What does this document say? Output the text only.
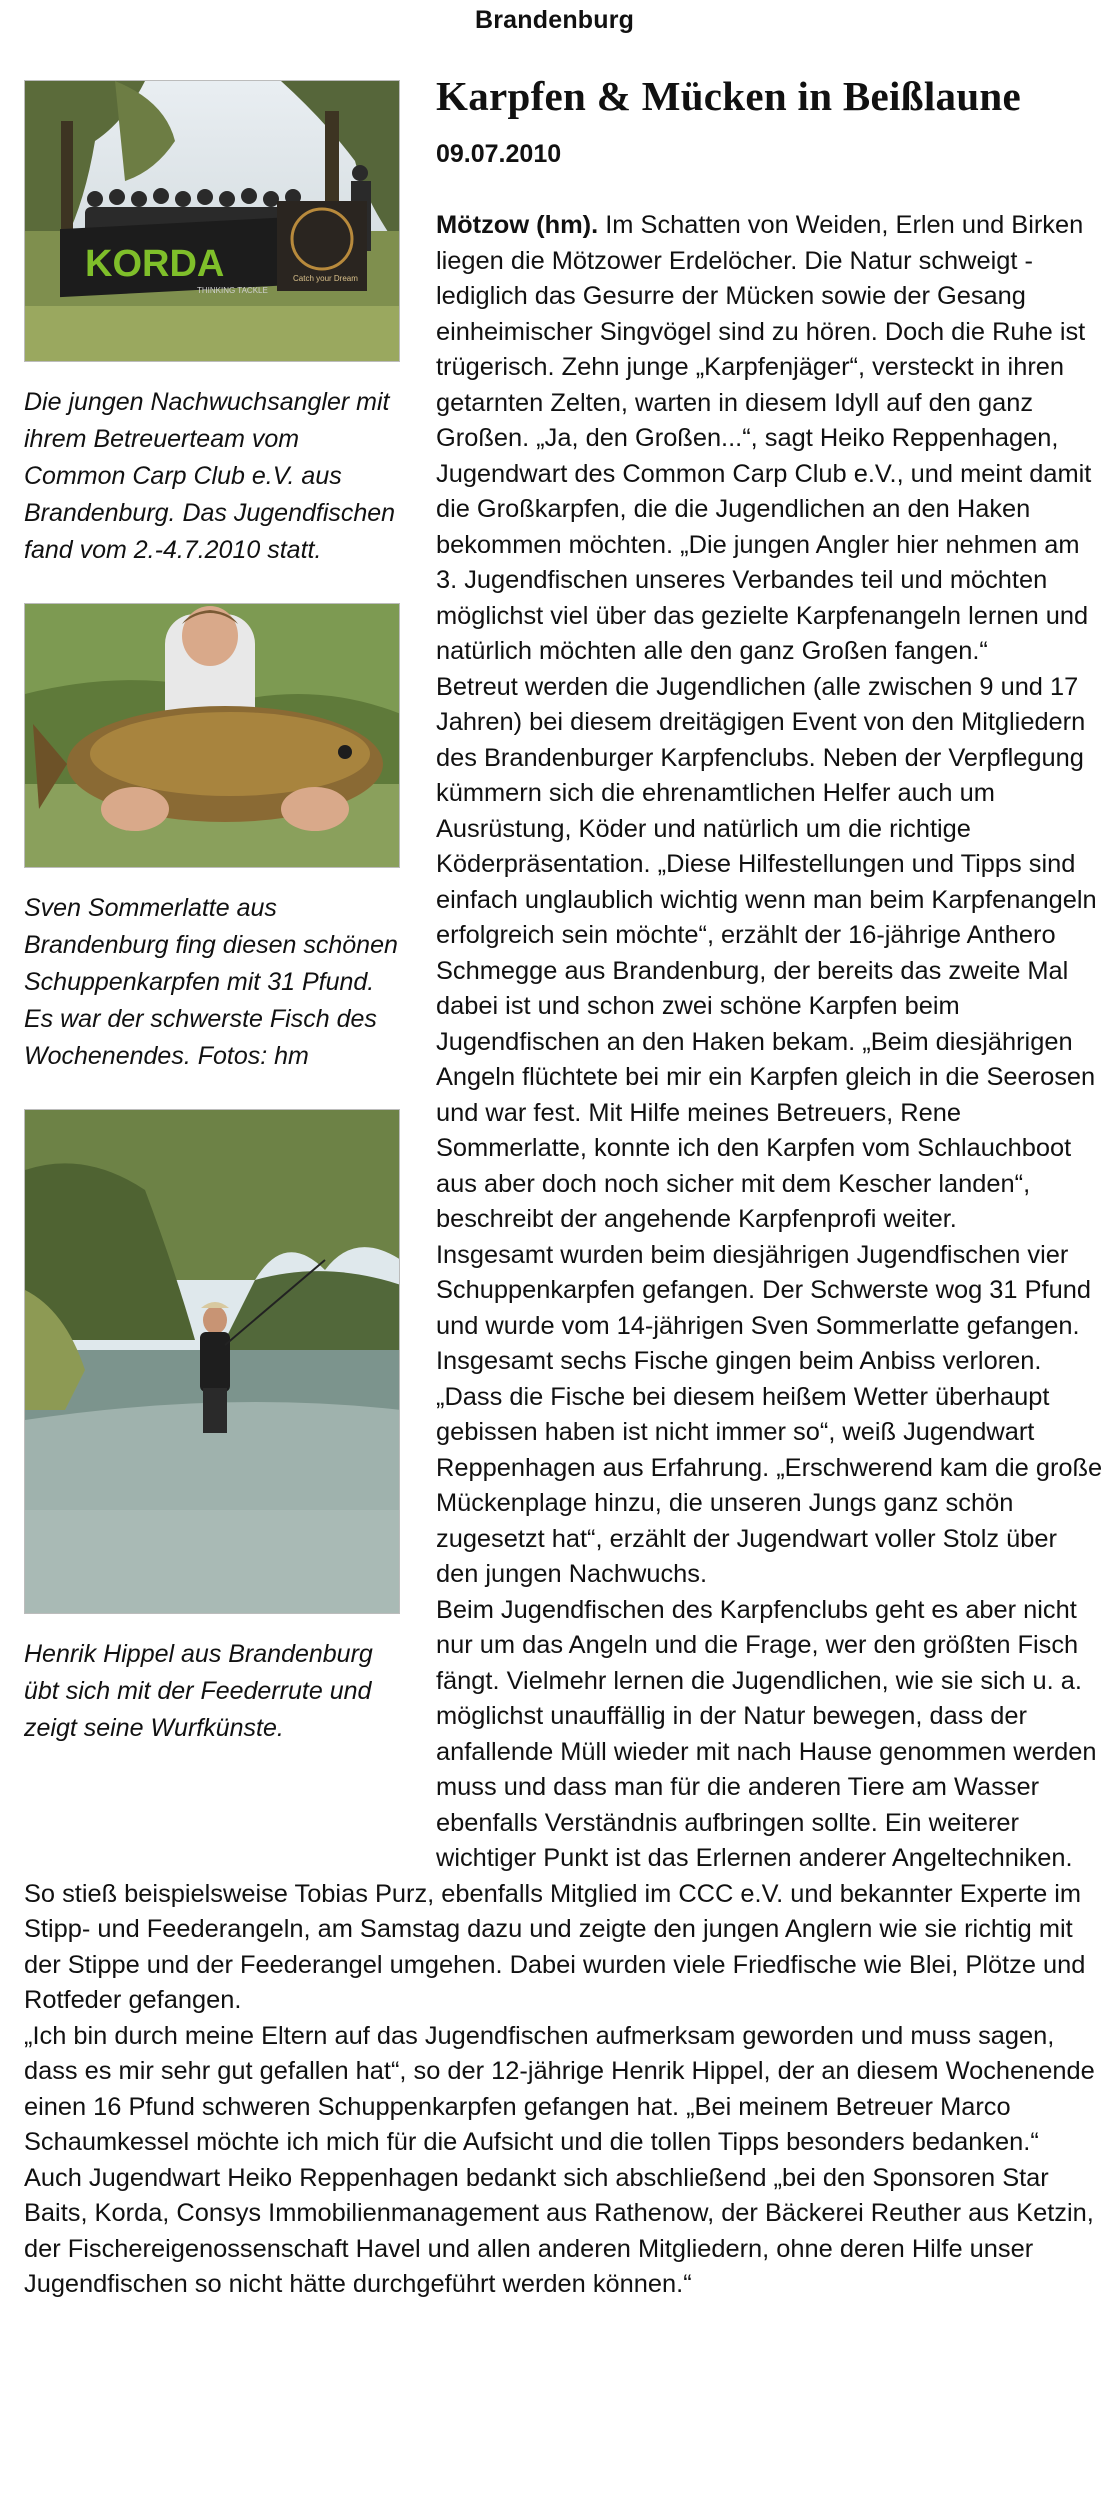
Brandenburg
Karpfen & Mücken in Beißlaune
09.07.2010
KORDA
THINKING TACKLE
Catch your Dream

Die jungen Nachwuchsangler mit ihrem Betreuerteam vom Common Carp Club e.V. aus Brandenburg. Das Jugendfischen fand vom 2.-4.7.2010 statt.

Sven Sommerlatte aus Brandenburg fing diesen schönen Schuppenkarpfen mit 31 Pfund. Es war der schwerste Fisch des Wochenendes. Fotos: hm

Henrik Hippel aus Brandenburg übt sich mit der Feederrute und zeigt seine Wurfkünste.

Mötzow (hm). Im Schatten von Weiden, Erlen und Birken liegen die Mötzower Erdelöcher. Die Natur schweigt - lediglich das Gesurre der Mücken sowie der Gesang einheimischer Singvögel sind zu hören. Doch die Ruhe ist trügerisch. Zehn junge „Karpfenjäger“, versteckt in ihren getarnten Zelten, warten in diesem Idyll auf den ganz Großen. „Ja, den Großen...“, sagt Heiko Reppenhagen, Jugendwart des Common Carp Club e.V., und meint damit die Großkarpfen, die die Jugendlichen an den Haken bekommen möchten. „Die jungen Angler hier nehmen am 3. Jugendfischen unseres Verbandes teil und möchten möglichst viel über das gezielte Karpfenangeln lernen und natürlich möchten alle den ganz Großen fangen.“

Betreut werden die Jugendlichen (alle zwischen 9 und 17 Jahren) bei diesem dreitägigen Event von den Mitgliedern des Brandenburger Karpfenclubs. Neben der Verpflegung kümmern sich die ehrenamtlichen Helfer auch um Ausrüstung, Köder und natürlich um die richtige Köderpräsentation. „Diese Hilfestellungen und Tipps sind einfach unglaublich wichtig wenn man beim Karpfenangeln erfolgreich sein möchte“, erzählt der 16-jährige Anthero Schmegge aus Brandenburg, der bereits das zweite Mal dabei ist und schon zwei schöne Karpfen beim Jugendfischen an den Haken bekam. „Beim diesjährigen Angeln flüchtete bei mir ein Karpfen gleich in die Seerosen und war fest. Mit Hilfe meines Betreuers, Rene Sommerlatte, konnte ich den Karpfen vom Schlauchboot aus aber doch noch sicher mit dem Kescher landen“, beschreibt der angehende Karpfenprofi weiter.

Insgesamt wurden beim diesjährigen Jugendfischen vier Schuppenkarpfen gefangen. Der Schwerste wog 31 Pfund und wurde vom 14-jährigen Sven Sommerlatte gefangen. Insgesamt sechs Fische gingen beim Anbiss verloren.

„Dass die Fische bei diesem heißem Wetter überhaupt gebissen haben ist nicht immer so“, weiß Jugendwart Reppenhagen aus Erfahrung. „Erschwerend kam die große Mückenplage hinzu, die unseren Jungs ganz schön zugesetzt hat“, erzählt der Jugendwart voller Stolz über den jungen Nachwuchs.

Beim Jugendfischen des Karpfenclubs geht es aber nicht nur um das Angeln und die Frage, wer den größten Fisch fängt. Vielmehr lernen die Jugendlichen, wie sie sich u. a. möglichst unauffällig in der Natur bewegen, dass der anfallende Müll wieder mit nach Hause genommen werden muss und dass man für die anderen Tiere am Wasser ebenfalls Verständnis aufbringen sollte. Ein weiterer wichtiger Punkt ist das Erlernen anderer Angeltechniken. So stieß beispielsweise Tobias Purz, ebenfalls Mitglied im CCC e.V. und bekannter Experte im Stipp- und Feederangeln, am Samstag dazu und zeigte den jungen Anglern wie sie richtig mit der Stippe und der Feederangel umgehen. Dabei wurden viele Friedfische wie Blei, Plötze und Rotfeder gefangen.

„Ich bin durch meine Eltern auf das Jugendfischen aufmerksam geworden und muss sagen, dass es mir sehr gut gefallen hat“, so der 12-jährige Henrik Hippel, der an diesem Wochenende einen 16 Pfund schweren Schuppenkarpfen gefangen hat. „Bei meinem Betreuer Marco Schaumkessel möchte ich mich für die Aufsicht und die tollen Tipps besonders bedanken.“

Auch Jugendwart Heiko Reppenhagen bedankt sich abschließend „bei den Sponsoren Star Baits, Korda, Consys Immobilienmanagement aus Rathenow, der Bäckerei Reuther aus Ketzin, der Fischereigenossenschaft Havel und allen anderen Mitgliedern, ohne deren Hilfe unser Jugendfischen so nicht hätte durchgeführt werden können.“
